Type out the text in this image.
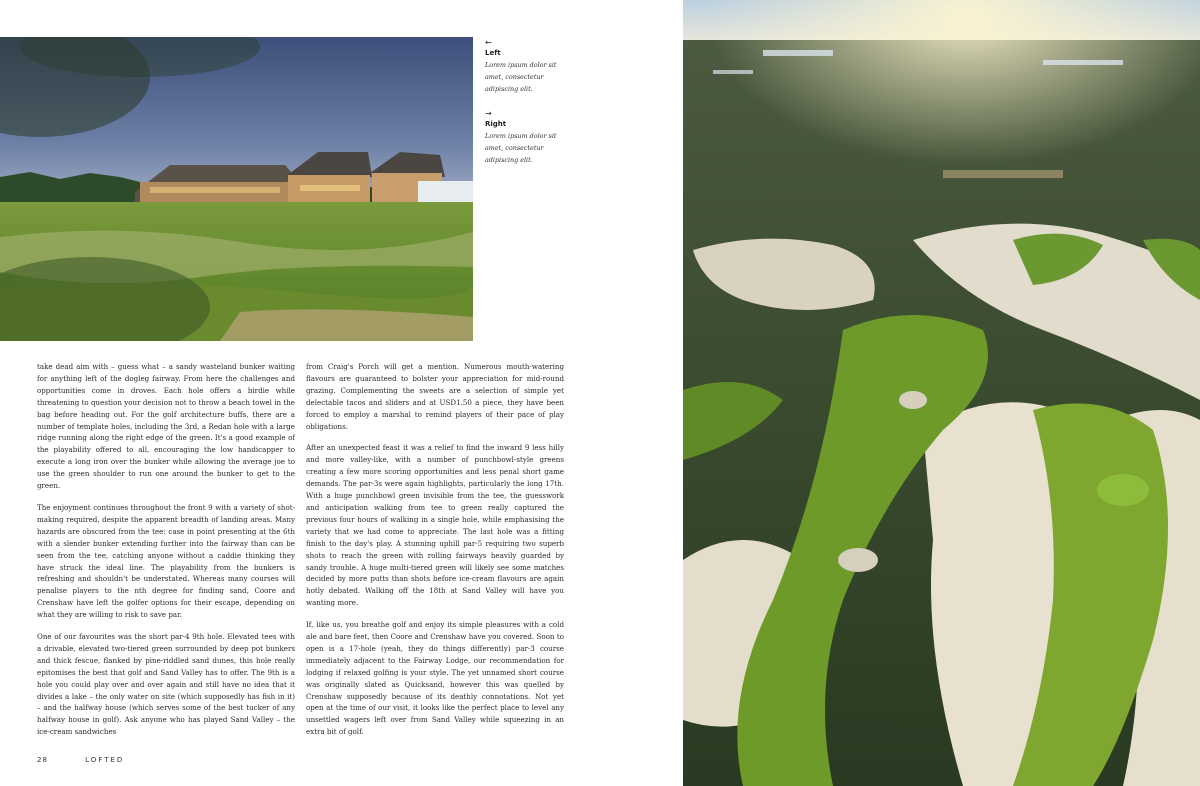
←
Left
Lorem ipsum dolor sit amet, consectetur adipiscing elit.
→
Right
Lorem ipsum dolor sit amet, consectetur adipiscing elit.

take dead aim with – guess what – a sandy wasteland bunker waiting for anything left of the dogleg fairway. From here the challenges and opportunities come in droves. Each hole offers a birdie while threatening to question your decision not to throw a beach towel in the bag before heading out. For the golf architecture buffs, there are a number of template holes, including the 3rd, a Redan hole with a large ridge running along the right edge of the green. It's a good example of the playability offered to all, encouraging the low handicapper to execute a long iron over the bunker while allowing the average joe to use the green shoulder to run one around the bunker to get to the green.

The enjoyment continues throughout the front 9 with a variety of shot-making required, despite the apparent breadth of landing areas. Many hazards are obscured from the tee: case in point presenting at the 6th with a slender bunker extending further into the fairway than can be seen from the tee, catching anyone without a caddie thinking they have struck the ideal line. The playability from the bunkers is refreshing and shouldn't be understated. Whereas many courses will penalise players to the nth degree for finding sand, Coore and Crenshaw have left the golfer options for their escape, depending on what they are willing to risk to save par.

One of our favourites was the short par-4 9th hole. Elevated tees with a drivable, elevated two-tiered green surrounded by deep pot bunkers and thick fescue, flanked by pine-riddled sand dunes, this hole really epitomises the best that golf and Sand Valley has to offer. The 9th is a hole you could play over and over again and still have no idea that it divides a lake – the only water on site (which supposedly has fish in it) – and the halfway house (which serves some of the best tucker of any halfway house in golf). Ask anyone who has played Sand Valley – the ice-cream sandwiches

from Craig's Porch will get a mention. Numerous mouth-watering flavours are guaranteed to bolster your appreciation for mid-round grazing. Complementing the sweets are a selection of simple yet delectable tacos and sliders and at USD1.50 a piece, they have been forced to employ a marshal to remind players of their pace of play obligations.

After an unexpected feast it was a relief to find the inward 9 less hilly and more valley-like, with a number of punchbowl-style greens creating a few more scoring opportunities and less penal short game demands. The par-3s were again highlights, particularly the long 17th. With a huge punchbowl green invisible from the tee, the guesswork and anticipation walking from tee to green really captured the previous four hours of walking in a single hole, while emphasising the variety that we had come to appreciate. The last hole was a fitting finish to the day's play. A stunning uphill par-5 requiring two superb shots to reach the green with rolling fairways heavily guarded by sandy trouble. A huge multi-tiered green will likely see some matches decided by more putts than shots before ice-cream flavours are again hotly debated. Walking off the 18th at Sand Valley will have you wanting more.

If, like us, you breathe golf and enjoy its simple pleasures with a cold ale and bare feet, then Coore and Crenshaw have you covered. Soon to open is a 17-hole (yeah, they do things differently) par-3 course immediately adjacent to the Fairway Lodge, our recommendation for lodging if relaxed golfing is your style. The yet unnamed short course was originally slated as Quicksand, however this was quelled by Crenshaw supposedly because of its deathly connotations. Not yet open at the time of our visit, it looks like the perfect place to level any unsettled wagers left over from Sand Valley while squeezing in an extra bit of golf.

28	LOFTED
